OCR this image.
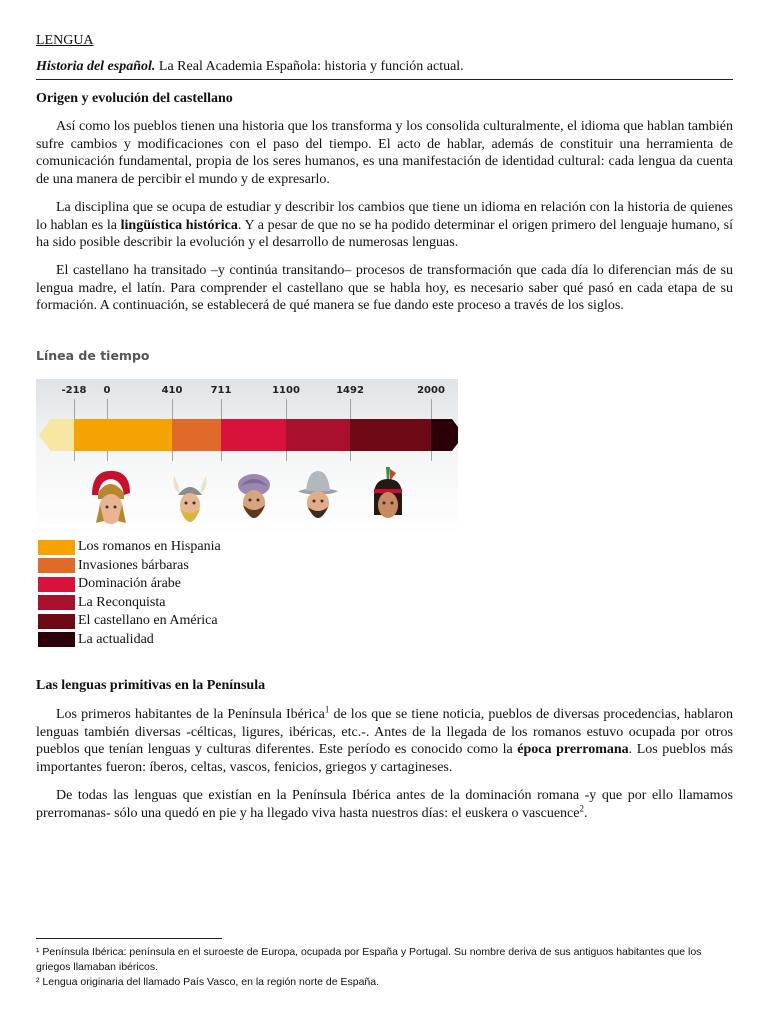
LENGUA
Historia del español. La Real Academia Española: historia y función actual.
Origen y evolución del castellano

Así como los pueblos tienen una historia que los transforma y los consolida culturalmente, el idioma que hablan también sufre cambios y modificaciones con el paso del tiempo. El acto de hablar, además de constituir una herramienta de comunicación fundamental, propia de los seres humanos, es una manifestación de identidad cultural: cada lengua da cuenta de una manera de percibir el mundo y de expresarlo.

La disciplina que se ocupa de estudiar y describir los cambios que tiene un idioma en relación con la historia de quienes lo hablan es la lingüística histórica. Y a pesar de que no se ha podido determinar el origen primero del lenguaje humano, sí ha sido posible describir la evolución y el desarrollo de numerosas lenguas.

El castellano ha transitado –y continúa transitando– procesos de transformación que cada día lo diferencian más de su lengua madre, el latín. Para comprender el castellano que se habla hoy, es necesario saber qué pasó en cada etapa de su formación. A continuación, se establecerá de qué manera se fue dando este proceso a través de los siglos.

Línea de tiempo
-218	0	410	711	1100	1492	2000
Los romanos en Hispania
Invasiones bárbaras
Dominación árabe
La Reconquista
El castellano en América
La actualidad
Las lenguas primitivas en la Península

Los primeros habitantes de la Península Ibérica$^1$ de los que se tiene noticia, pueblos de diversas procedencias, hablaron lenguas también diversas -célticas, ligures, ibéricas, etc.-. Antes de la llegada de los romanos estuvo ocupada por otros pueblos que tenían lenguas y culturas diferentes. Este período es conocido como la época prerromana. Los pueblos más importantes fueron: íberos, celtas, vascos, fenicios, griegos y cartagineses.

De todas las lenguas que existían en la Península Ibérica antes de la dominación romana -y que por ello llamamos prerromanas- sólo una quedó en pie y ha llegado viva hasta nuestros días: el euskera o vascuence$^2$.

¹ Península Ibérica: península en el suroeste de Europa, ocupada por España y Portugal. Su nombre deriva de sus antiguos habitantes que los griegos llamaban ibéricos.
² Lengua originaria del llamado País Vasco, en la región norte de España.
